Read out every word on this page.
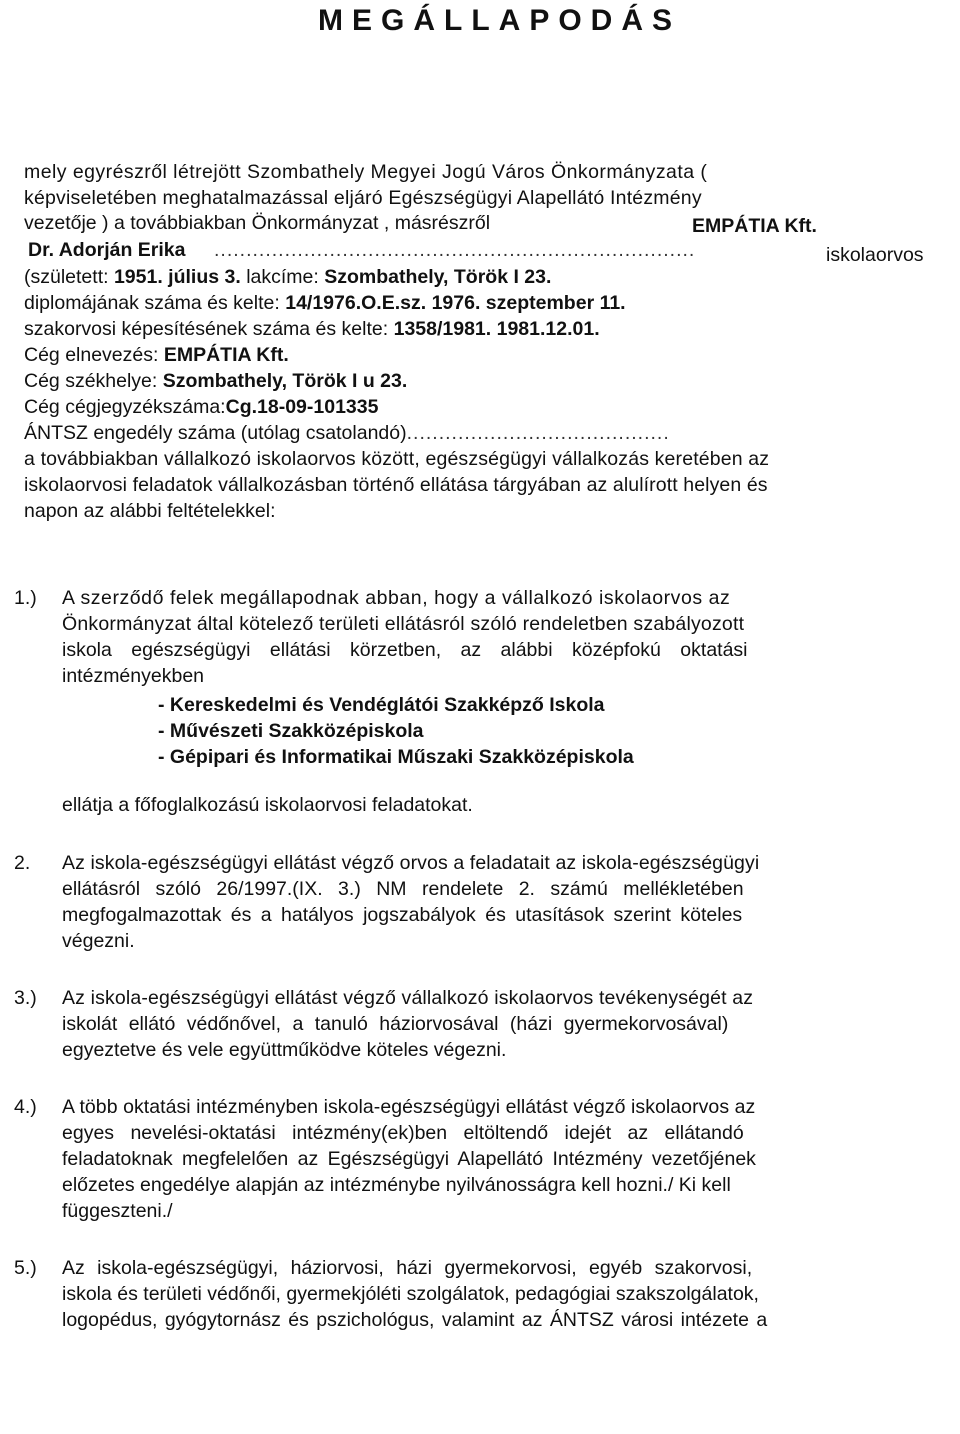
MEGÁLLAPODÁS
mely egyrészről létrejött Szombathely Megyei Jogú Város Önkormányzata (
képviseletében meghatalmazással eljáró Egészségügyi Alapellátó Intézmény
vezetője ) a továbbiakban Önkormányzat , másrészről	EMPÁTIA Kft.
Dr. Adorján Erika ...........................................................................	iskolaorvos
(született: 1951. július 3. lakcíme: Szombathely, Török I 23.
diplomájának száma és kelte: 14/1976.O.E.sz. 1976. szeptember 11.
szakorvosi képesítésének száma és kelte: 1358/1981. 1981.12.01.
Cég elnevezés: EMPÁTIA Kft.
Cég székhelye: Szombathely, Török I u 23.
Cég cégjegyzékszáma:Cg.18-09-101335
ÁNTSZ engedély száma (utólag csatolandó).........................................
a továbbiakban vállalkozó iskolaorvos között, egészségügyi vállalkozás keretében az
iskolaorvosi feladatok vállalkozásban történő ellátása tárgyában az alulírott helyen és
napon az alábbi feltételekkel:
1.) A szerződő felek megállapodnak abban, hogy a vállalkozó iskolaorvos az
Önkormányzat által kötelező területi ellátásról szóló rendeletben szabályozott
iskola egészségügyi ellátási körzetben, az alábbi középfokú oktatási
intézményekben
- Kereskedelmi és Vendéglátói Szakképző Iskola
- Művészeti Szakközépiskola
- Gépipari és Informatikai Műszaki Szakközépiskola
ellátja a főfoglalkozású iskolaorvosi feladatokat.
2. Az iskola-egészségügyi ellátást végző orvos a feladatait az iskola-egészségügyi
ellátásról szóló 26/1997.(IX. 3.) NM rendelete 2. számú mellékletében
megfogalmazottak és a hatályos jogszabályok és utasítások szerint köteles
végezni.
3.) Az iskola-egészségügyi ellátást végző vállalkozó iskolaorvos tevékenységét az
iskolát ellátó védőnővel, a tanuló háziorvosával (házi gyermekorvosával)
egyeztetve és vele együttműködve köteles végezni.
4.) A több oktatási intézményben iskola-egészségügyi ellátást végző iskolaorvos az
egyes nevelési-oktatási intézmény(ek)ben eltöltendő idejét az ellátandó
feladatoknak megfelelően az Egészségügyi Alapellátó Intézmény vezetőjének
előzetes engedélye alapján az intézménybe nyilvánosságra kell hozni./ Ki kell
függeszteni./
5.) Az iskola-egészségügyi, háziorvosi, házi gyermekorvosi, egyéb szakorvosi,
iskola és területi védőnői, gyermekjóléti szolgálatok, pedagógiai szakszolgálatok,
logopédus, gyógytornász és pszichológus, valamint az ÁNTSZ városi intézete a
